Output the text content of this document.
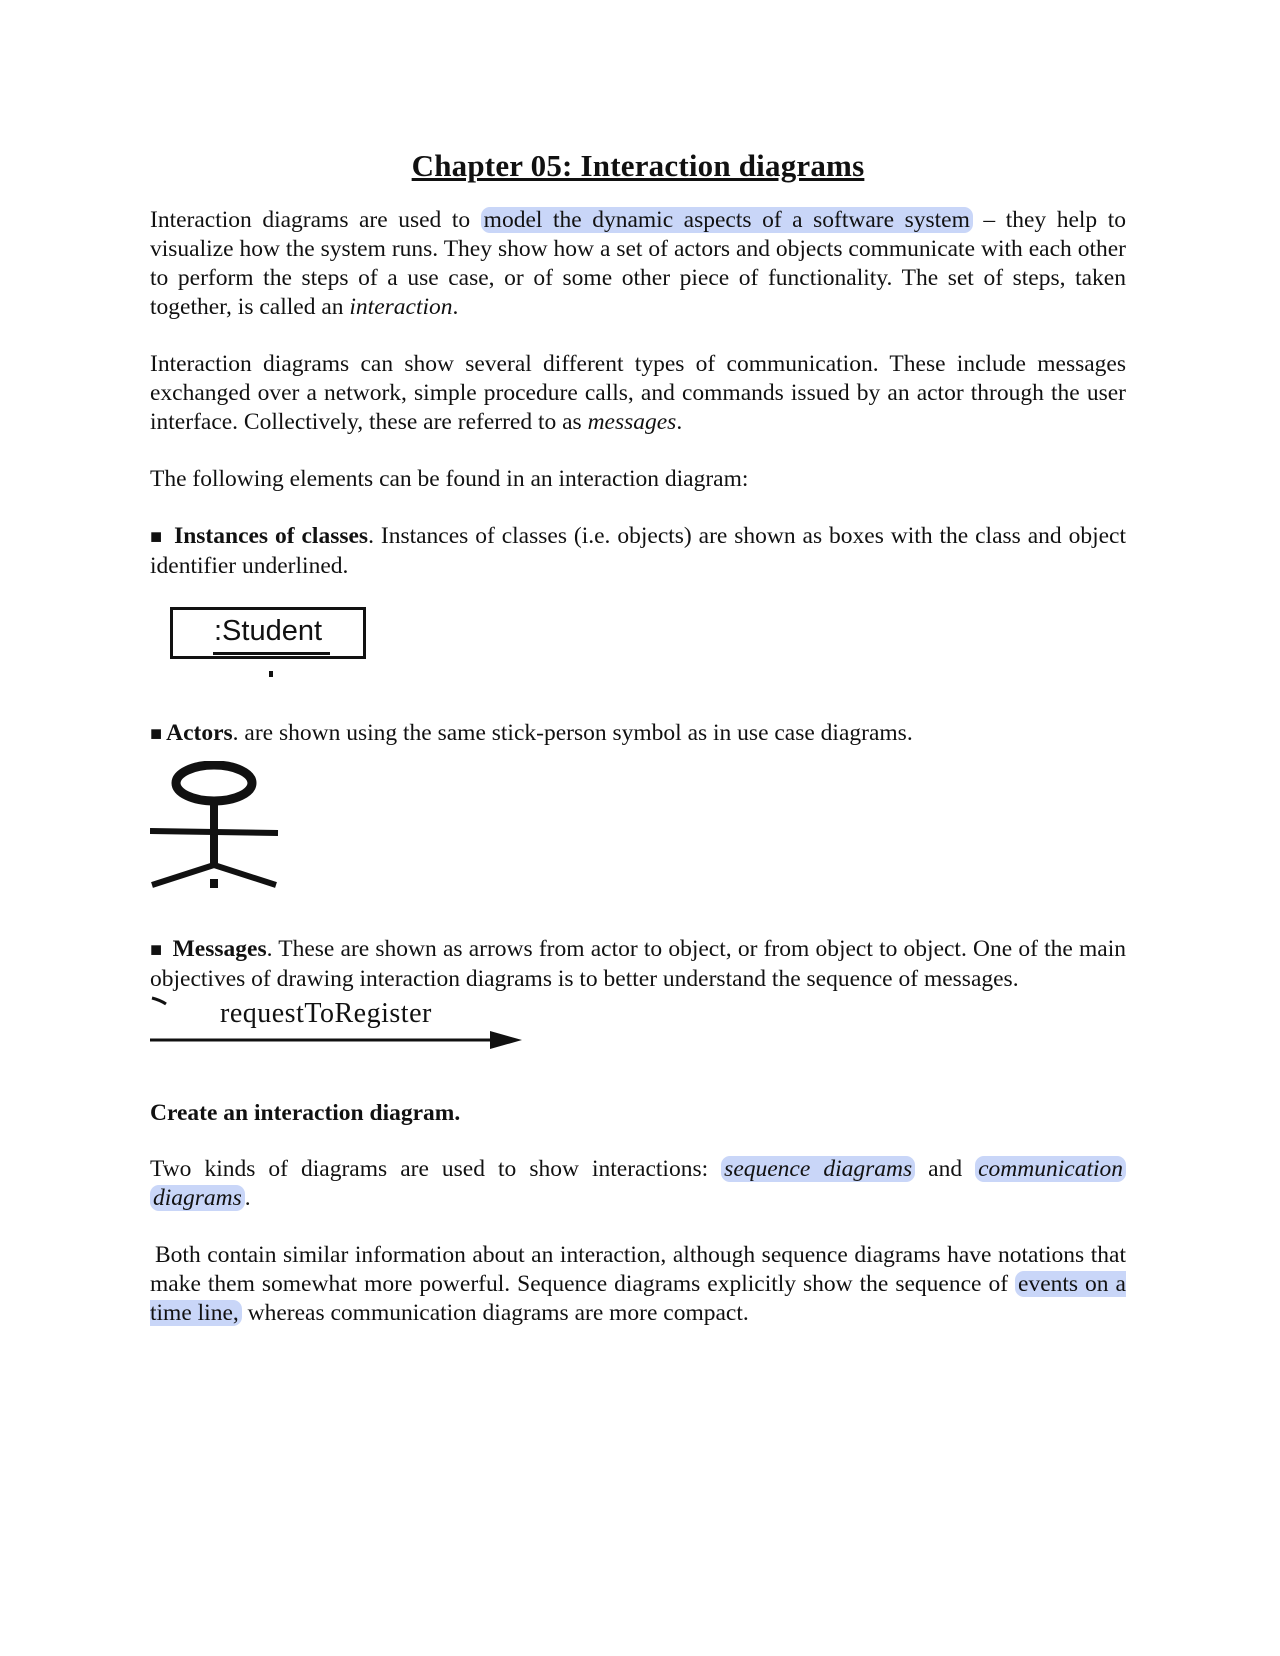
Chapter 05: Interaction diagrams

Interaction diagrams are used to model the dynamic aspects of a software system – they help to visualize how the system runs. They show how a set of actors and objects communicate with each other to perform the steps of a use case, or of some other piece of functionality. The set of steps, taken together, is called an interaction.

Interaction diagrams can show several different types of communication. These include messages exchanged over a network, simple procedure calls, and commands issued by an actor through the user interface. Collectively, these are referred to as messages.

The following elements can be found in an interaction diagram:

■ Instances of classes. Instances of classes (i.e. objects) are shown as boxes with the class and object identifier underlined.

:Student

■ Actors. are shown using the same stick-person symbol as in use case diagrams.

■ Messages. These are shown as arrows from actor to object, or from object to object. One of the main objectives of drawing interaction diagrams is to better understand the sequence of messages.

requestToRegister

Create an interaction diagram.

Two kinds of diagrams are used to show interactions: sequence diagrams and communication diagrams .

Both contain similar information about an interaction, although sequence diagrams have notations that make them somewhat more powerful. Sequence diagrams explicitly show the sequence of events on a time line, whereas communication diagrams are more compact.
